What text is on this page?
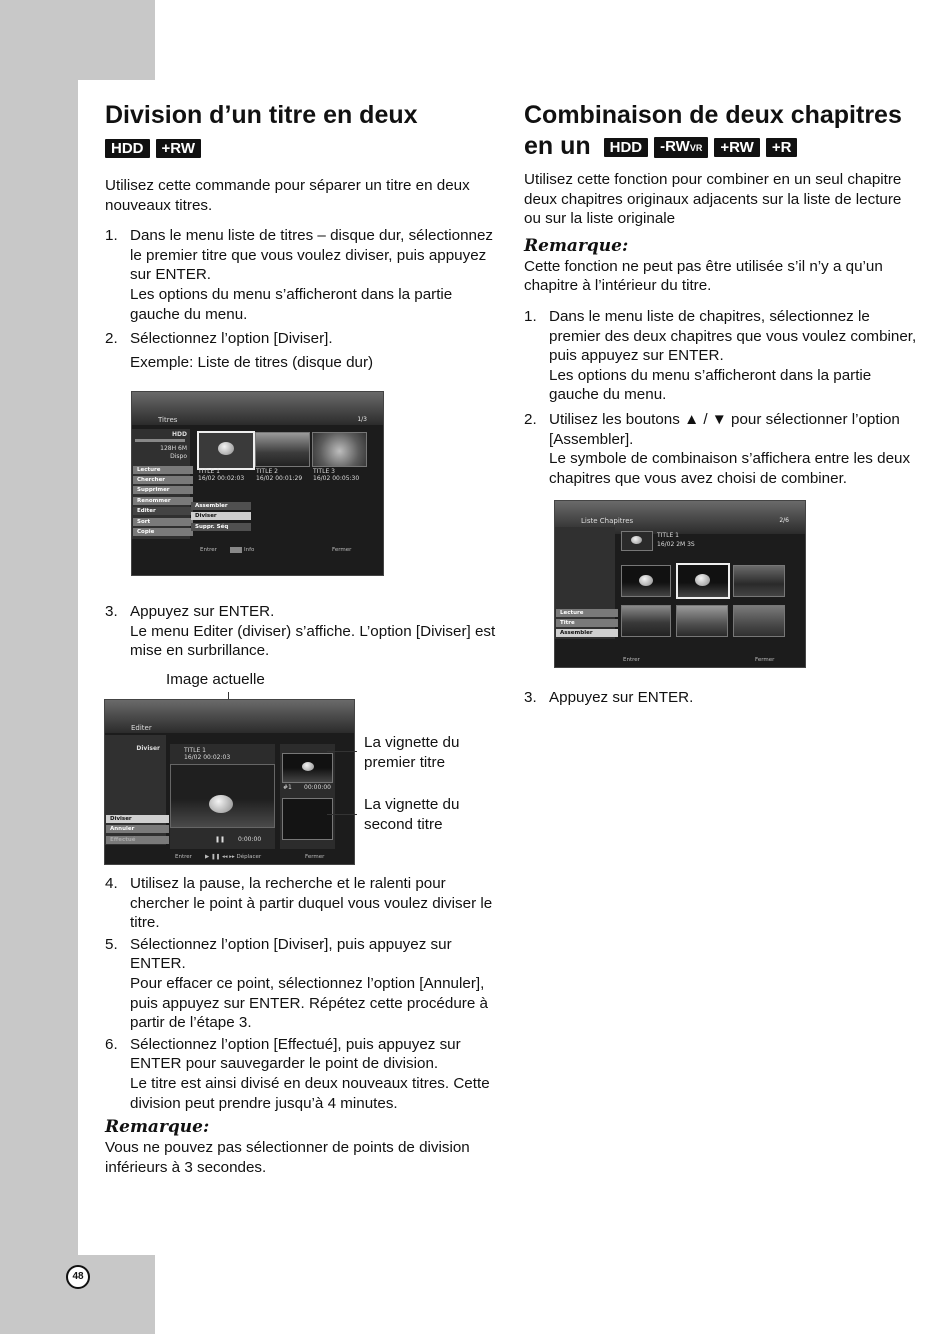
Division d’un titre en deux
HDD +RW

Utilisez cette commande pour séparer un titre en deux nouveaux titres.

1. Dans le menu liste de titres – disque dur, sélectionnez le premier titre que vous voulez diviser, puis appuyez sur ENTER.
Les options du menu s’afficheront dans la partie gauche du menu.
2. Sélectionnez l’option [Diviser].
Exemple: Liste de titres (disque dur)
Titres	1/3
HDD
128H 6M
Dispo
Lecture
Chercher
Supprimer
Renommer
Editer
Sort
Copie
Assembler
Diviser
Suppr. Séq
TITLE 1
16/02 00:02:03
TITLE 2
16/02 00:01:29
TITLE 3
16/02 00:05:30
Entrer	Info	Fermer
3. Appuyez sur ENTER.
Le menu Editer (diviser) s’affiche. L’option [Diviser] est mise en surbrillance.
Image actuelle
Editer
Diviser
Diviser
Annuler
Effectué
TITLE 1
16/02 00:02:03
❚❚ 0:00:00
#1 00:00:00
Entrer ▶ ❚❚ ◂◂ ▸▸ Déplacer	Fermer
La vignette du premier titre
La vignette du second titre
4. Utilisez la pause, la recherche et le ralenti pour chercher le point à partir duquel vous voulez diviser le titre.
5. Sélectionnez l’option [Diviser], puis appuyez sur ENTER.
Pour effacer ce point, sélectionnez l’option [Annuler], puis appuyez sur ENTER. Répétez cette procédure à partir de l’étape 3.
6. Sélectionnez l’option [Effectué], puis appuyez sur ENTER pour sauvegarder le point de division.
Le titre est ainsi divisé en deux nouveaux titres. Cette division peut prendre jusqu’à 4 minutes.
Remarque:

Vous ne pouvez pas sélectionner de points de division inférieurs à 3 secondes.

Combinaison de deux chapitres
en un HDD -RWVR +RW +R

Utilisez cette fonction pour combiner en un seul chapitre deux chapitres originaux adjacents sur la liste de lecture ou sur la liste originale

Remarque:

Cette fonction ne peut pas être utilisée s’il n’y a qu’un chapitre à l’intérieur du titre.

1. Dans le menu liste de chapitres, sélectionnez le premier des deux chapitres que vous voulez combiner, puis appuyez sur ENTER.
Les options du menu s’afficheront dans la partie gauche du menu.
2. Utilisez les boutons ▲ / ▼ pour sélectionner l’option [Assembler].
Le symbole de combinaison s’affichera entre les deux chapitres que vous avez choisi de combiner.
Liste Chapitres	2/6
Lecture
Titre
Assembler
TITLE 1
16/02 2M 3S
Entrer	Fermer
3. Appuyez sur ENTER.
48
